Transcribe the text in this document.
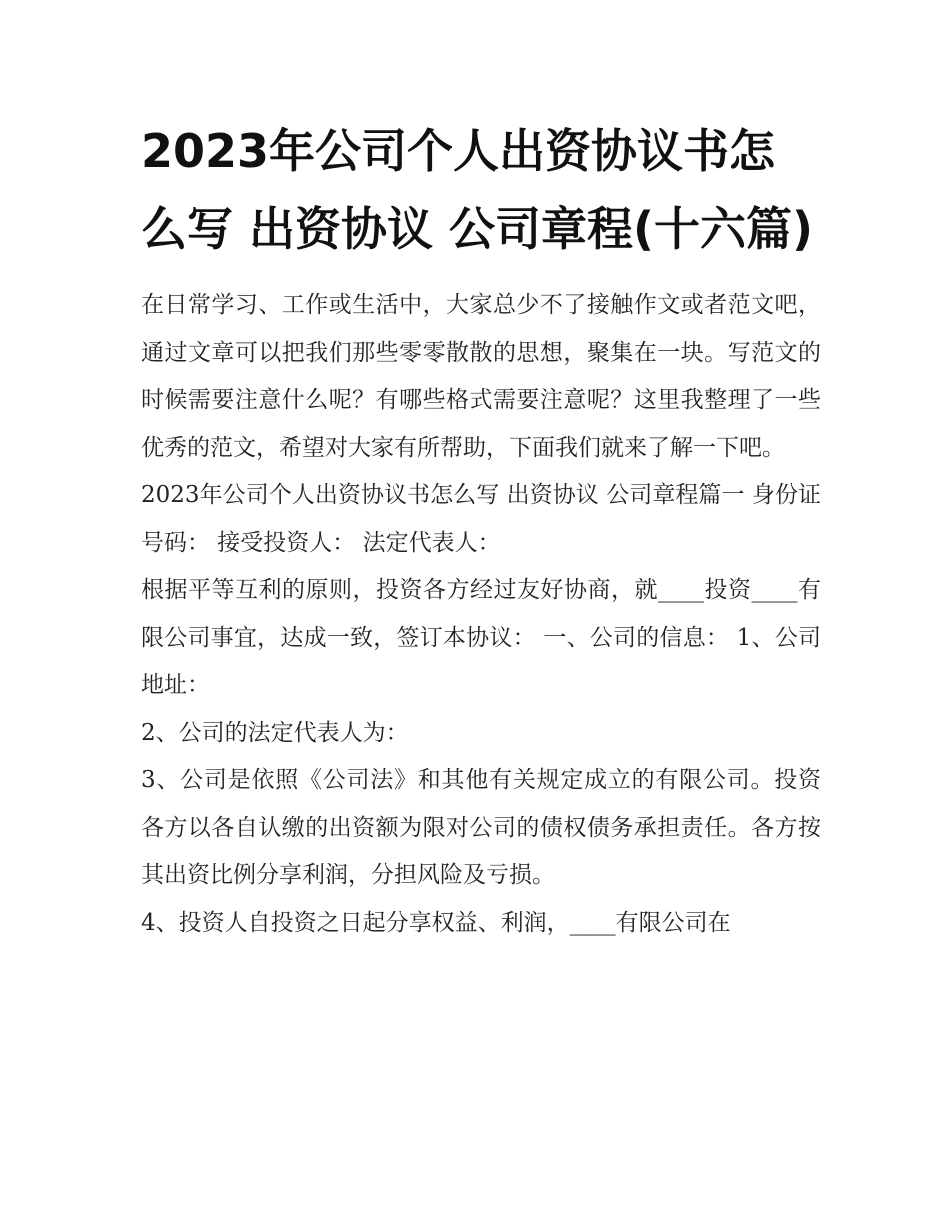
2023年公司个人出资协议书怎么写 出资协议 公司章程(十六篇)

在日常学习、工作或生活中，大家总少不了接触作文或者范文吧，通过文章可以把我们那些零零散散的思想，聚集在一块。写范文的时候需要注意什么呢？有哪些格式需要注意呢？这里我整理了一些优秀的范文，希望对大家有所帮助，下面我们就来了解一下吧。

2023年公司个人出资协议书怎么写 出资协议 公司章程篇一 身份证号码： 接受投资人： 法定代表人：

根据平等互利的原则，投资各方经过友好协商，就____投资____有限公司事宜，达成一致，签订本协议： 一、公司的信息： 1、公司地址：

2、公司的法定代表人为：

3、公司是依照《公司法》和其他有关规定成立的有限公司。投资各方以各自认缴的出资额为限对公司的债权债务承担责任。各方按其出资比例分享利润，分担风险及亏损。

4、投资人自投资之日起分享权益、利润，____有限公司在
